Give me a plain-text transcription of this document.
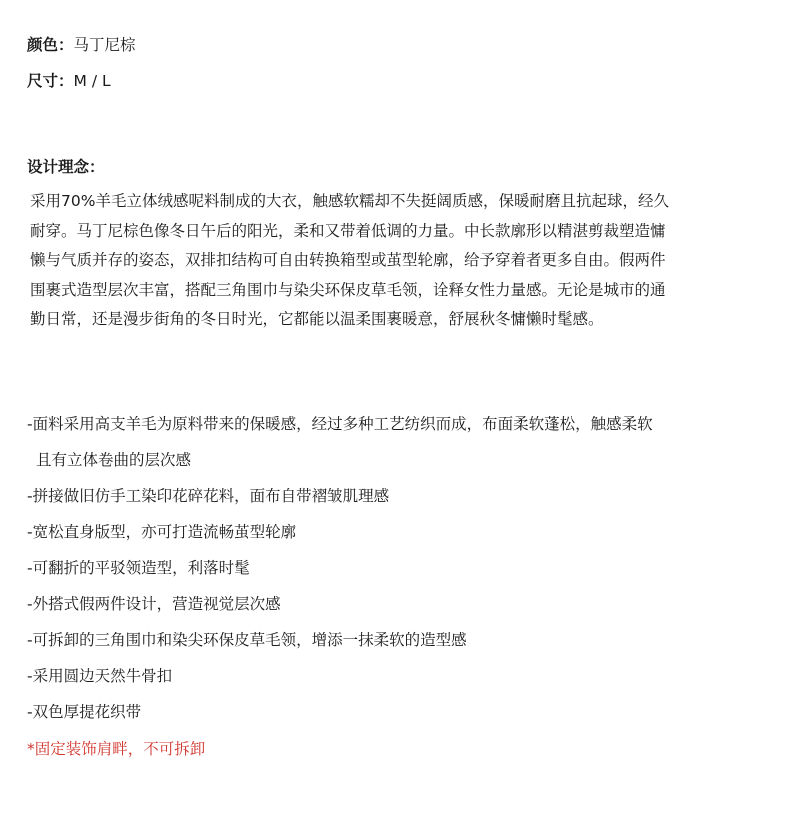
颜色：马丁尼棕
尺寸：M / L
设计理念：
采用70%羊毛立体绒感呢料制成的大衣，触感软糯却不失挺阔质感，保暖耐磨且抗起球，经久
耐穿。马丁尼棕色像冬日午后的阳光，柔和又带着低调的力量。中长款廓形以精湛剪裁塑造慵
懒与气质并存的姿态，双排扣结构可自由转换箱型或茧型轮廓，给予穿着者更多自由。假两件
围裹式造型层次丰富，搭配三角围巾与染尖环保皮草毛领，诠释女性力量感。无论是城市的通
勤日常，还是漫步街角的冬日时光，它都能以温柔围裹暖意，舒展秋冬慵懒时髦感。
-面料采用高支羊毛为原料带来的保暖感，经过多种工艺纺织而成，布面柔软蓬松，触感柔软
且有立体卷曲的层次感
-拼接做旧仿手工染印花碎花料，面布自带褶皱肌理感
-宽松直身版型，亦可打造流畅茧型轮廓
-可翻折的平驳领造型，利落时髦
-外搭式假两件设计，营造视觉层次感
-可拆卸的三角围巾和染尖环保皮草毛领，增添一抹柔软的造型感
-采用圆边天然牛骨扣
-双色厚提花织带
*固定装饰肩畔，不可拆卸
